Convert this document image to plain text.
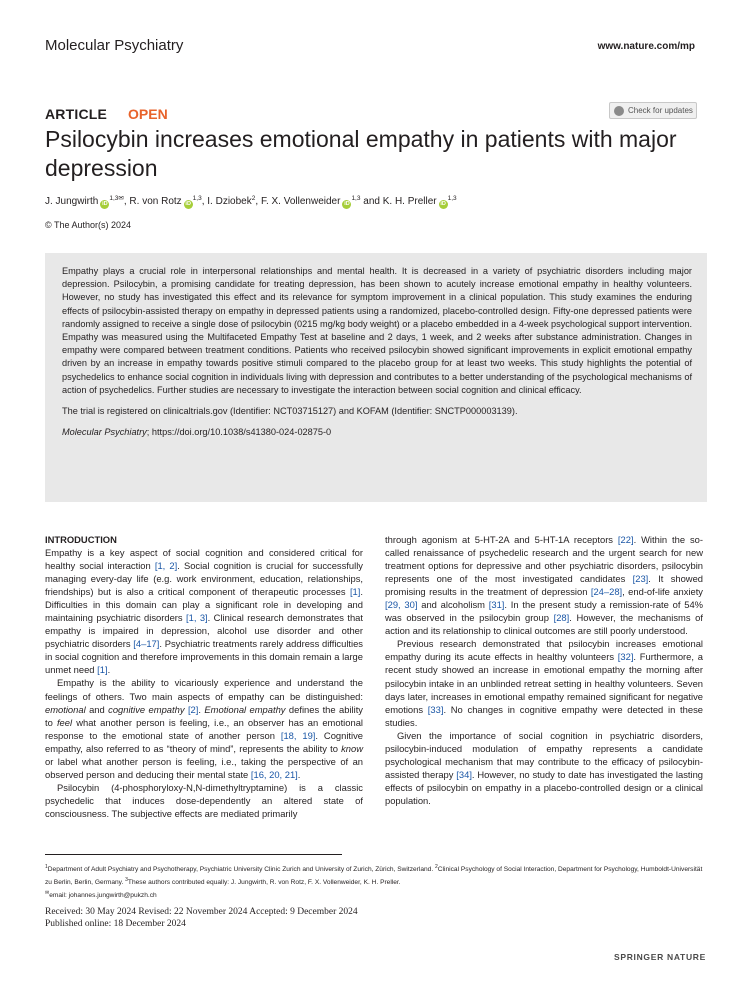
Molecular Psychiatry	www.nature.com/mp
ARTICLE OPEN	Check for updates
Psilocybin increases emotional empathy in patients with major depression
J. Jungwirth $iD^{1,3✉}$, R. von Rotz iD$^{1,3}$, I. Dziobek$^2$, F. X. Vollenweider iD$^{1,3}$ and K. H. Preller iD$^{1,3}$
© The Author(s) 2024

Empathy plays a crucial role in interpersonal relationships and mental health. It is decreased in a variety of psychiatric disorders including major depression. Psilocybin, a promising candidate for treating depression, has been shown to acutely increase emotional empathy in healthy volunteers. However, no study has investigated this effect and its relevance for symptom improvement in a clinical population. This study examines the enduring effects of psilocybin-assisted therapy on empathy in depressed patients using a randomized, placebo-controlled design. Fifty-one depressed patients were randomly assigned to receive a single dose of psilocybin (0215 mg/kg body weight) or a placebo embedded in a 4-week psychological support intervention. Empathy was measured using the Multifaceted Empathy Test at baseline and 2 days, 1 week, and 2 weeks after substance administration. Changes in empathy were compared between treatment conditions. Patients who received psilocybin showed significant improvements in explicit emotional empathy driven by an increase in empathy towards positive stimuli compared to the placebo group for at least two weeks. This study highlights the potential of psychedelics to enhance social cognition in individuals living with depression and contributes to a better understanding of the psychological mechanisms of action of psychedelics. Further studies are necessary to investigate the interaction between social cognition and clinical efficacy.

The trial is registered on clinicaltrials.gov (Identifier: NCT03715127) and KOFAM (Identifier: SNCTP000003139).

Molecular Psychiatry; https://doi.org/10.1038/s41380-024-02875-0

INTRODUCTION

Empathy is a key aspect of social cognition and considered critical for healthy social interaction [1, 2]. Social cognition is crucial for successfully managing every-day life (e.g. work environment, education, relationships, friendships) but is also a critical component of therapeutic processes [1]. Difficulties in this domain can play a significant role in developing and maintaining psychiatric disorders [1, 3]. Clinical research demonstrates that empathy is impaired in depression, alcohol use disorder and other psychiatric disorders [4–17]. Psychiatric treatments rarely address difficulties in social cognition and therefore improvements in this domain remain a large unmet need [1].

Empathy is the ability to vicariously experience and understand the feelings of others. Two main aspects of empathy can be distinguished: emotional and cognitive empathy [2]. Emotional empathy defines the ability to feel what another person is feeling, i.e., an observer has an emotional response to the emotional state of another person [18, 19]. Cognitive empathy, also referred to as “theory of mind”, represents the ability to know or label what another person is feeling, i.e., taking the perspective of an observed person and deducing their mental state [16, 20, 21].

Psilocybin (4-phosphoryloxy-N,N-dimethyltryptamine) is a classic psychedelic that induces dose-dependently an altered state of consciousness. The subjective effects are mediated primarily

through agonism at 5-HT-2A and 5-HT-1A receptors [22]. Within the so-called renaissance of psychedelic research and the urgent search for new treatment options for depressive and other psychiatric disorders, psilocybin represents one of the most investigated candidates [23]. It showed promising results in the treatment of depression [24–28], end-of-life anxiety [29, 30] and alcoholism [31]. In the present study a remission-rate of 54% was observed in the psilocybin group [28]. However, the mechanisms of action and its relationship to clinical outcomes are still poorly understood.

Previous research demonstrated that psilocybin increases emotional empathy during its acute effects in healthy volunteers [32]. Furthermore, a recent study showed an increase in emotional empathy the morning after psilocybin intake in an unblinded retreat setting in healthy volunteers. Seven days later, increases in emotional empathy remained significant for negative emotions [33]. No changes in cognitive empathy were detected in these studies.

Given the importance of social cognition in psychiatric disorders, psilocybin-induced modulation of empathy represents a candidate psychological mechanism that may contribute to the efficacy of psilocybin-assisted therapy [34]. However, no study to date has investigated the lasting effects of psilocybin on empathy in a placebo-controlled design or a clinical population.

$^1$Department of Adult Psychiatry and Psychotherapy, Psychiatric University Clinic Zurich and University of Zurich, Zürich, Switzerland. $^2$Clinical Psychology of Social Interaction, Department for Psychology, Humboldt-Universität zu Berlin, Berlin, Germany. $^3$These authors contributed equally: J. Jungwirth, R. von Rotz, F. X. Vollenweider, K. H. Preller.
✉email: johannes.jungwirth@pukzh.ch
Received: 30 May 2024 Revised: 22 November 2024 Accepted: 9 December 2024
Published online: 18 December 2024
SPRINGER NATURE
